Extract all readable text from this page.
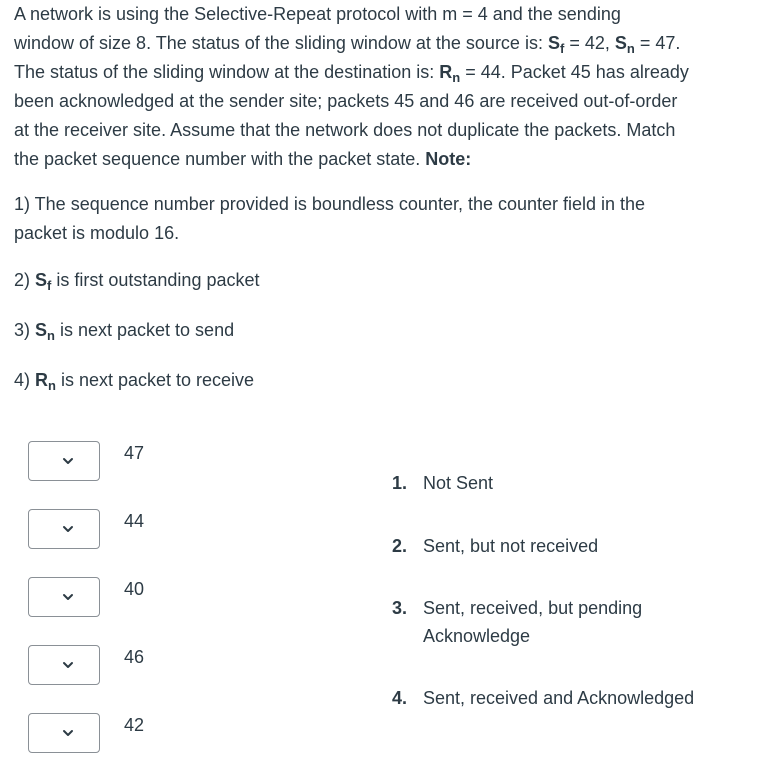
A network is using the Selective-Repeat protocol with m = 4 and the sending
window of size 8. The status of the sliding window at the source is: $S_f = 42$, $S_n = 47$.
The status of the sliding window at the destination is: $R_n = 44$. Packet 45 has already
been acknowledged at the sender site; packets 45 and 46 are received out-of-order
at the receiver site. Assume that the network does not duplicate the packets. Match
the packet sequence number with the packet state. Note:

1) The sequence number provided is boundless counter, the counter field in the
packet is modulo 16.
2) $S_f$ is first outstanding packet
3) $S_n$ is next packet to send
4) $R_n$ is next packet to receive
47
44
40
46
42
1. Not Sent
2. Sent, but not received
3. Sent, received, but pending Acknowledge
4. Sent, received and Acknowledged
